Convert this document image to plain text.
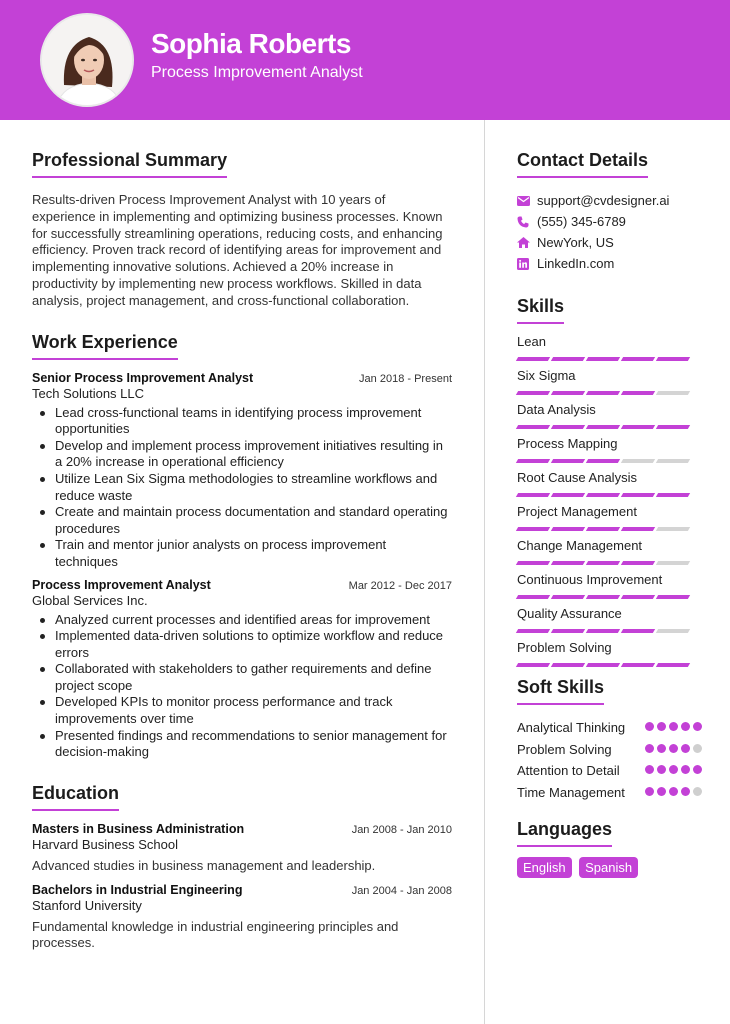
Sophia Roberts
Process Improvement Analyst
Professional Summary

Results-driven Process Improvement Analyst with 10 years of experience in implementing and optimizing business processes. Known for successfully streamlining operations, reducing costs, and enhancing efficiency. Proven track record of identifying areas for improvement and implementing innovative solutions. Achieved a 20% increase in productivity by implementing new process workflows. Skilled in data analysis, project management, and cross-functional collaboration.

Work Experience
Senior Process Improvement Analyst	Jan 2018 - Present
Tech Solutions LLC
Lead cross-functional teams in identifying process improvement opportunities
Develop and implement process improvement initiatives resulting in a 20% increase in operational efficiency
Utilize Lean Six Sigma methodologies to streamline workflows and reduce waste
Create and maintain process documentation and standard operating procedures
Train and mentor junior analysts on process improvement techniques
Process Improvement Analyst	Mar 2012 - Dec 2017
Global Services Inc.
Analyzed current processes and identified areas for improvement
Implemented data-driven solutions to optimize workflow and reduce errors
Collaborated with stakeholders to gather requirements and define project scope
Developed KPIs to monitor process performance and track improvements over time
Presented findings and recommendations to senior management for decision-making
Education
Masters in Business Administration	Jan 2008 - Jan 2010
Harvard Business School

Advanced studies in business management and leadership.

Bachelors in Industrial Engineering	Jan 2004 - Jan 2008
Stanford University

Fundamental knowledge in industrial engineering principles and processes.

Contact Details
support@cvdesigner.ai
(555) 345-6789
NewYork, US
LinkedIn.com
Skills
Lean
Six Sigma
Data Analysis
Process Mapping
Root Cause Analysis
Project Management
Change Management
Continuous Improvement
Quality Assurance
Problem Solving
Soft Skills
Analytical Thinking
Problem Solving
Attention to Detail
Time Management
Languages
English Spanish
